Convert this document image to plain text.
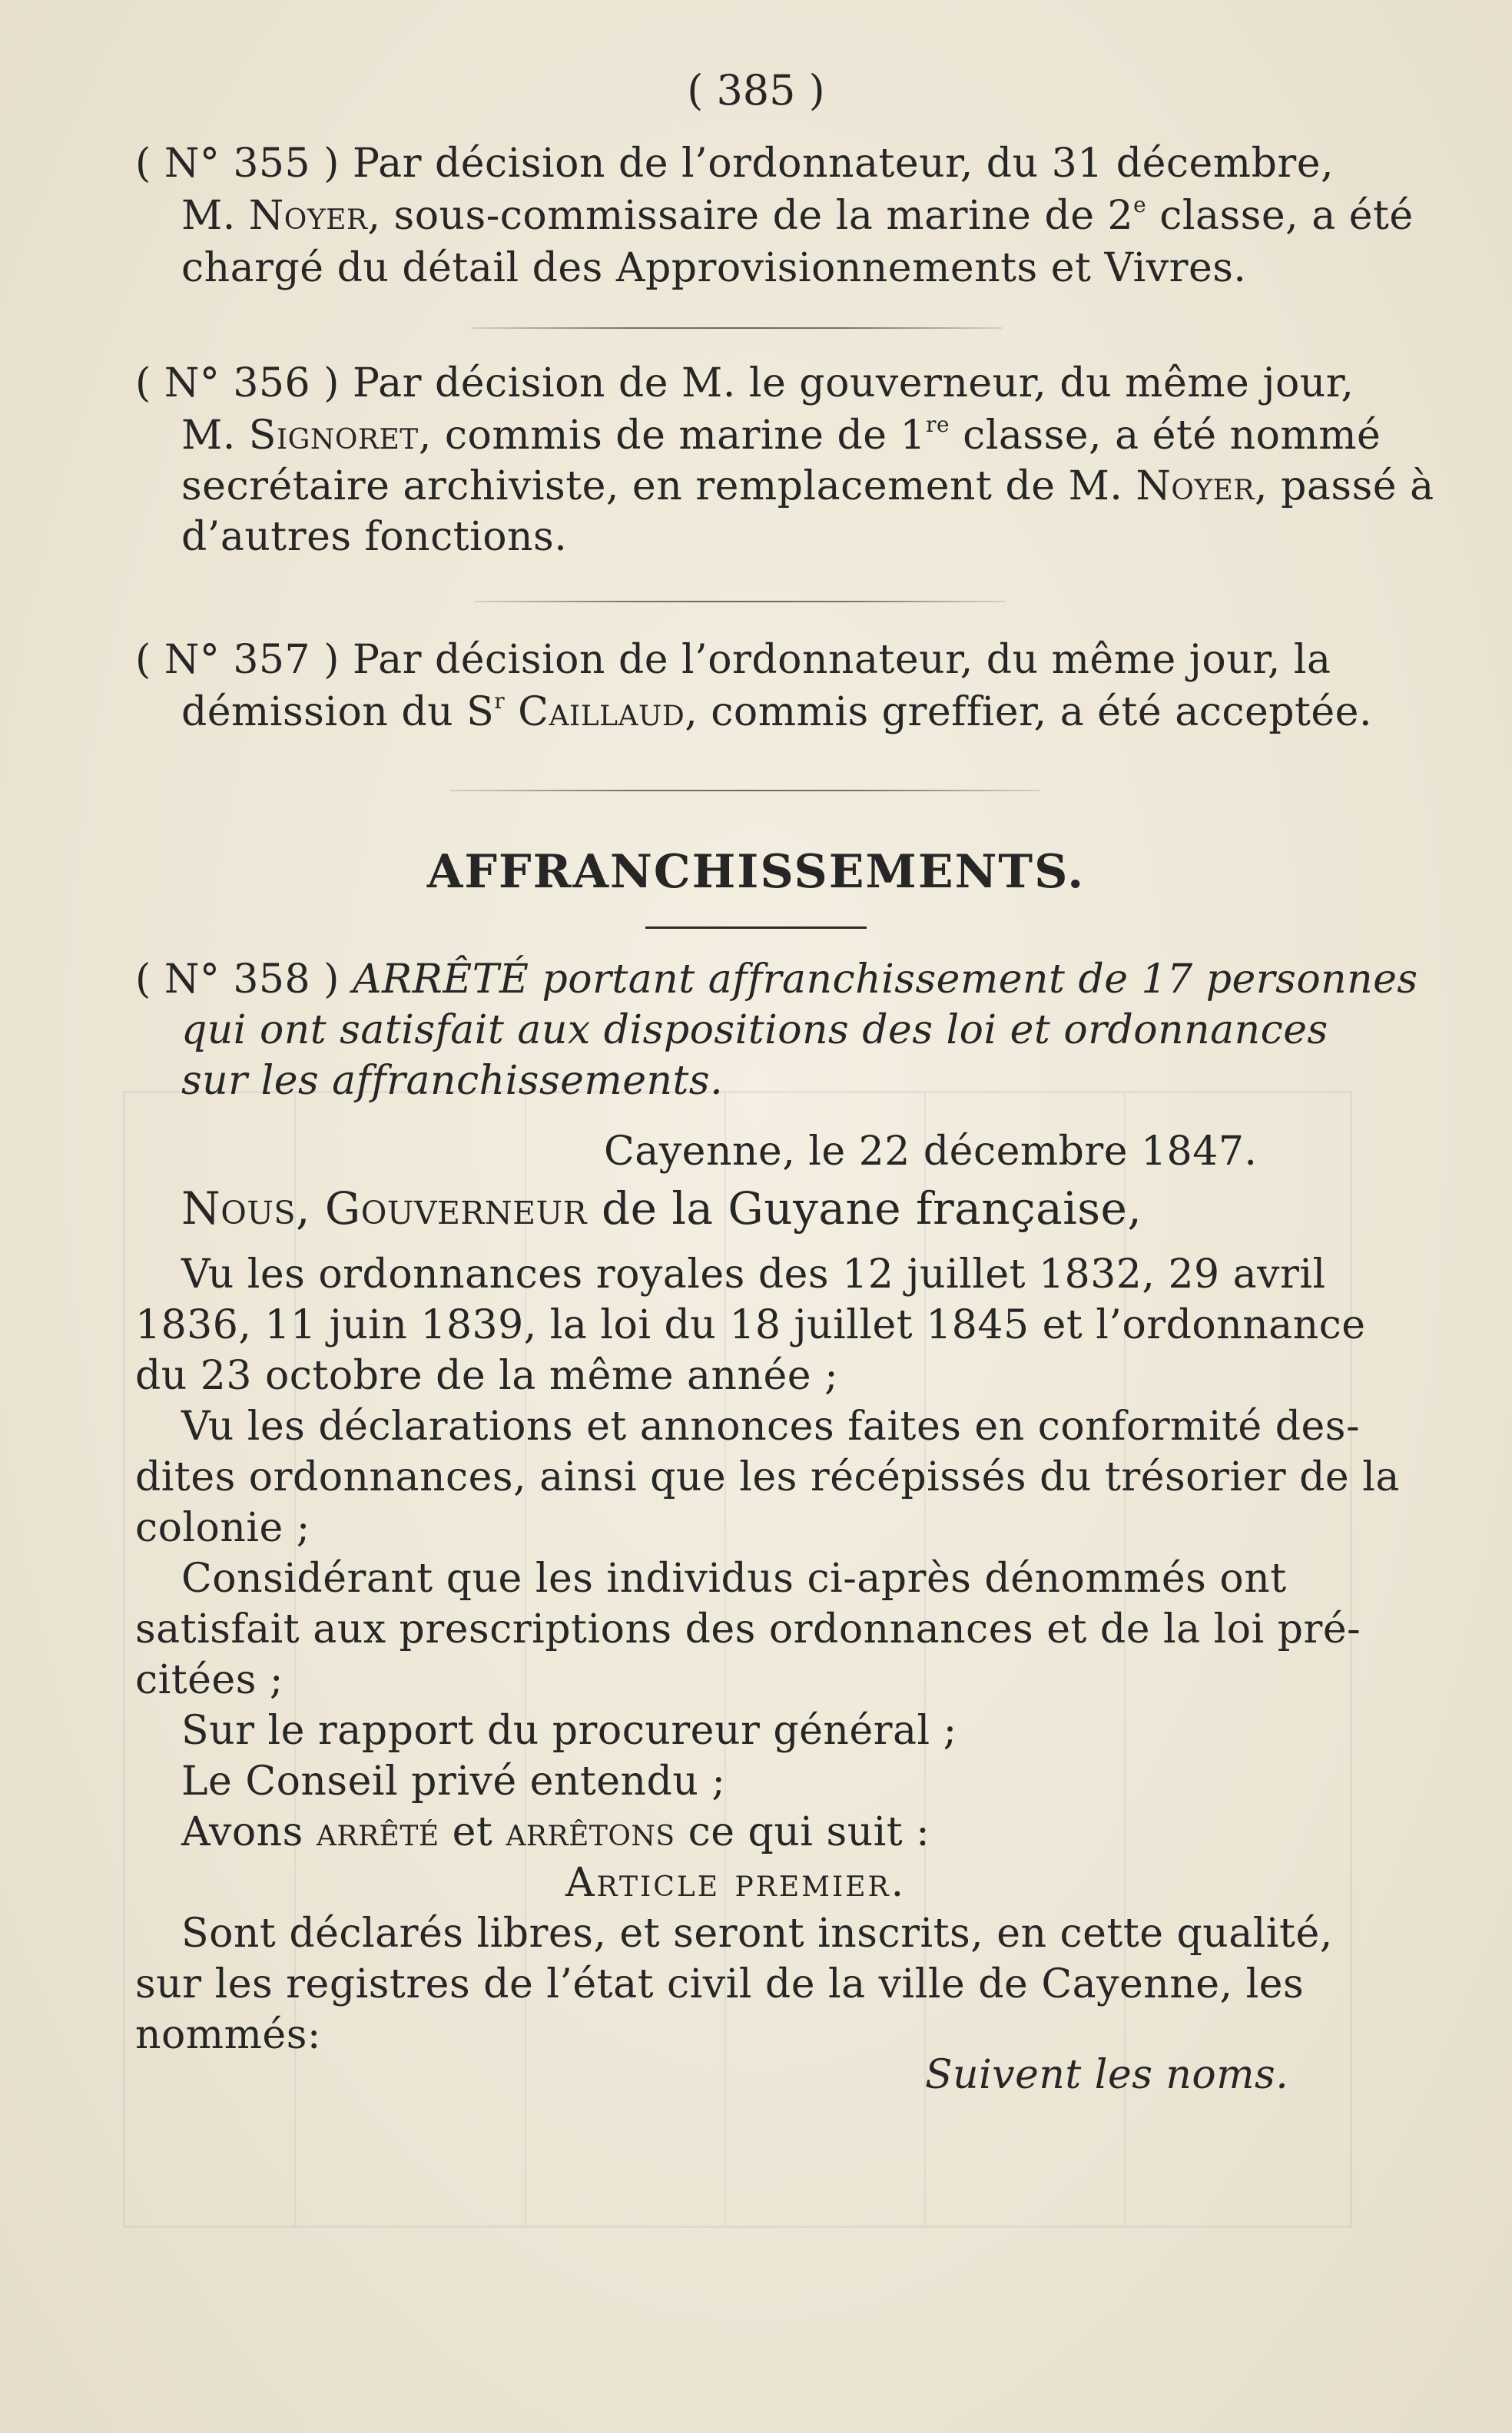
( 385 )
( N° 355 ) Par décision de l’ordonnateur, du 31 décembre,
M. Noyer, sous-commissaire de la marine de 2e classe, a été
chargé du détail des Approvisionnements et Vivres.
( N° 356 ) Par décision de M. le gouverneur, du même jour,
M. Signoret, commis de marine de 1re classe, a été nommé
secrétaire archiviste, en remplacement de M. Noyer, passé à
d’autres fonctions.
( N° 357 ) Par décision de l’ordonnateur, du même jour, la
démission du $S^r$ Caillaud, commis greffier, a été acceptée.
AFFRANCHISSEMENTS.
( N° 358 ) ARRÊTÉ portant affranchissement de 17 personnes
qui ont satisfait aux dispositions des loi et ordonnances
sur les affranchissements.
Cayenne, le 22 décembre 1847.
Nous, Gouverneur de la Guyane française,
Vu les ordonnances royales des 12 juillet 1832, 29 avril
1836, 11 juin 1839, la loi du 18 juillet 1845 et l’ordonnance
du 23 octobre de la même année ;
Vu les déclarations et annonces faites en conformité des-
dites ordonnances, ainsi que les récépissés du trésorier de la
colonie ;
Considérant que les individus ci-après dénommés ont
satisfait aux prescriptions des ordonnances et de la loi pré-
citées ;
Sur le rapport du procureur général ;
Le Conseil privé entendu ;
Avons arrêté et arrêtons ce qui suit :
Article premier.
Sont déclarés libres, et seront inscrits, en cette qualité,
sur les registres de l’état civil de la ville de Cayenne, les
nommés:
Suivent les noms.
